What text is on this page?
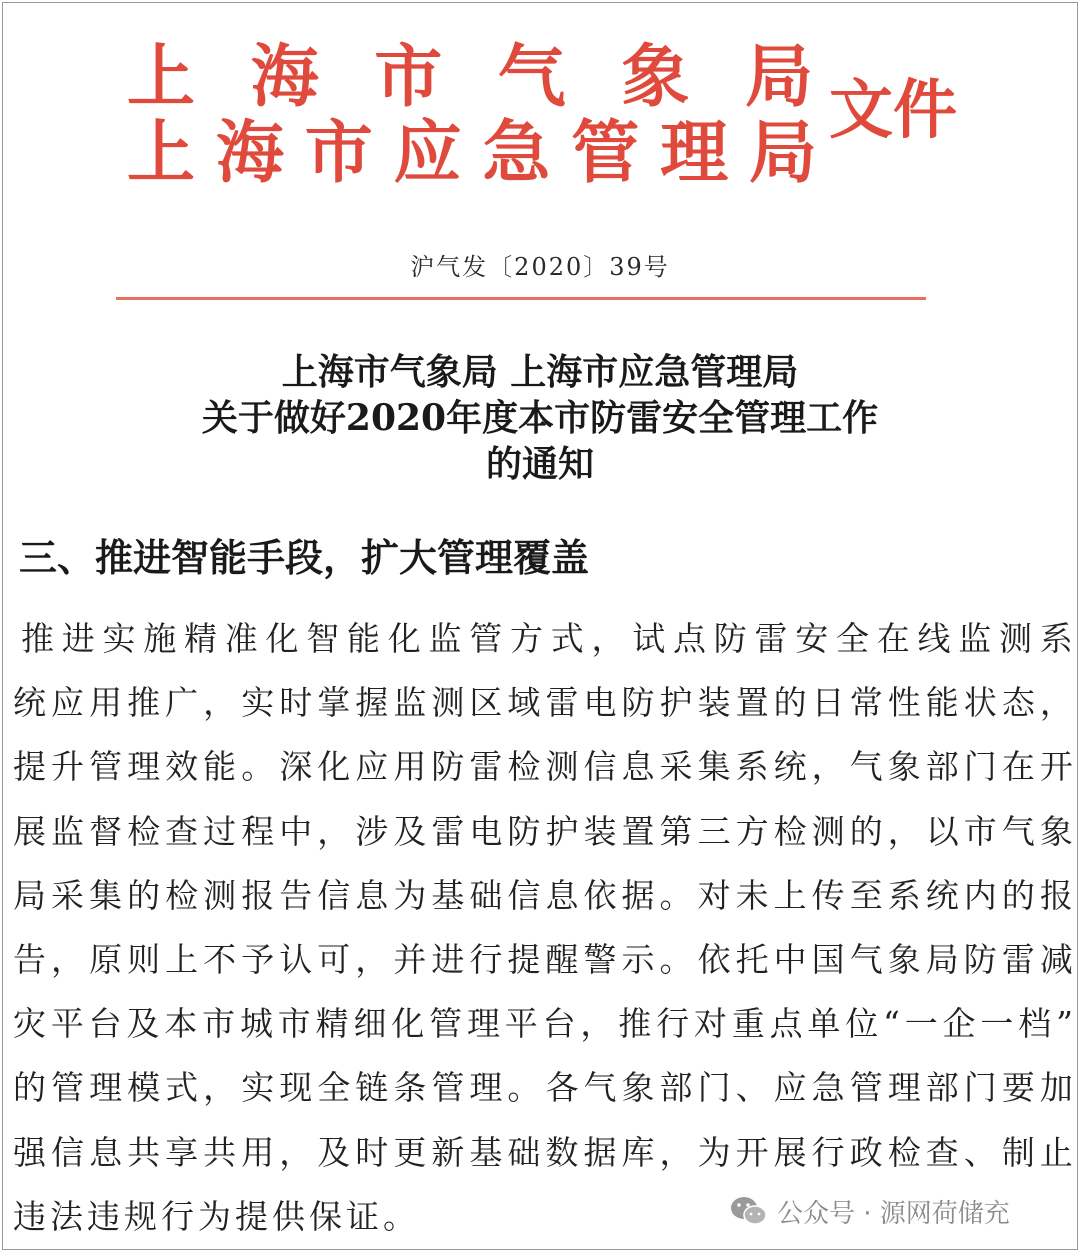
上 海 市 气 象 局
上 海 市 应 急 管 理 局
文件
沪气发〔2020〕39号
上海市气象局 上海市应急管理局
关于做好2020年度本市防雷安全管理工作
的通知
三、推进智能手段，扩大管理覆盖
推 进 实 施 精 准 化 智 能 化 监 管 方 式 ， 试 点 防 雷 安 全 在 线 监 测 系
统 应 用 推 广 ， 实 时 掌 握 监 测 区 域 雷 电 防 护 装 置 的 日 常 性 能 状 态 ，
提 升 管 理 效 能 。 深 化 应 用 防 雷 检 测 信 息 采 集 系 统 ， 气 象 部 门 在 开
展 监 督 检 查 过 程 中 ， 涉 及 雷 电 防 护 装 置 第 三 方 检 测 的 ， 以 市 气 象
局 采 集 的 检 测 报 告 信 息 为 基 础 信 息 依 据 。 对 未 上 传 至 系 统 内 的 报
告 ， 原 则 上 不 予 认 可 ， 并 进 行 提 醒 警 示 。 依 托 中 国 气 象 局 防 雷 减
灾 平 台 及 本 市 城 市 精 细 化 管 理 平 台 ， 推 行 对 重 点 单 位 “ 一 企 一 档 ”
的 管 理 模 式 ， 实 现 全 链 条 管 理 。 各 气 象 部 门 、 应 急 管 理 部 门 要 加
强 信 息 共 享 共 用 ， 及 时 更 新 基 础 数 据 库 ， 为 开 展 行 政 检 查 、 制 止
违法违规行为提供保证。	公众号 · 源网荷储充
